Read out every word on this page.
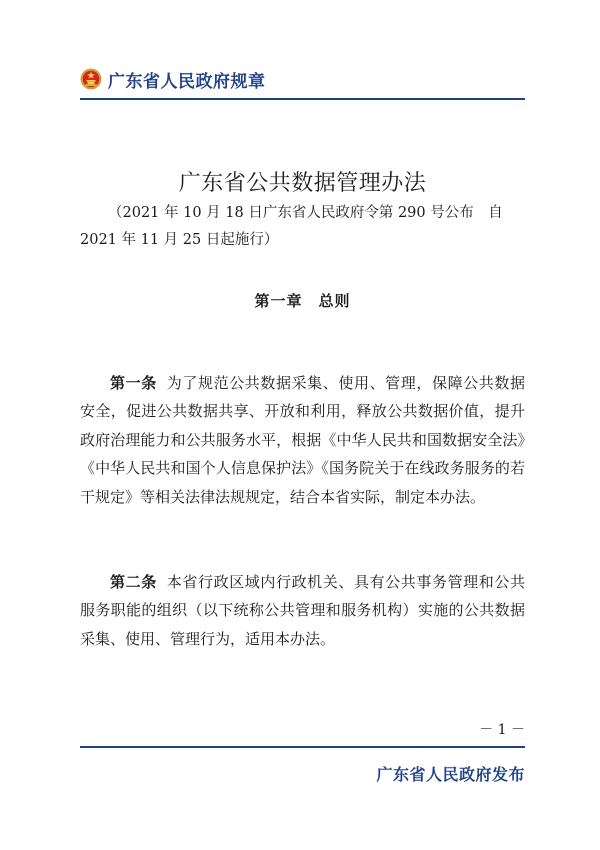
广东省人民政府规章
广东省公共数据管理办法
（2021 年 10 月 18 日广东省人民政府令第 290 号公布　自
2021 年 11 月 25 日起施行）
第一章　总则
第一条 为了规范公共数据采集、使用、管理，保障公共数据安全，促进公共数据共享、开放和利用，释放公共数据价值，提升政府治理能力和公共服务水平，根据《中华人民共和国数据安全法》《中华人民共和国个人信息保护法》《国务院关于在线政务服务的若干规定》等相关法律法规规定，结合本省实际，制定本办法。
第二条 本省行政区域内行政机关、具有公共事务管理和公共服务职能的组织（以下统称公共管理和服务机构）实施的公共数据采集、使用、管理行为，适用本办法。
－ 1 －
广东省人民政府发布
